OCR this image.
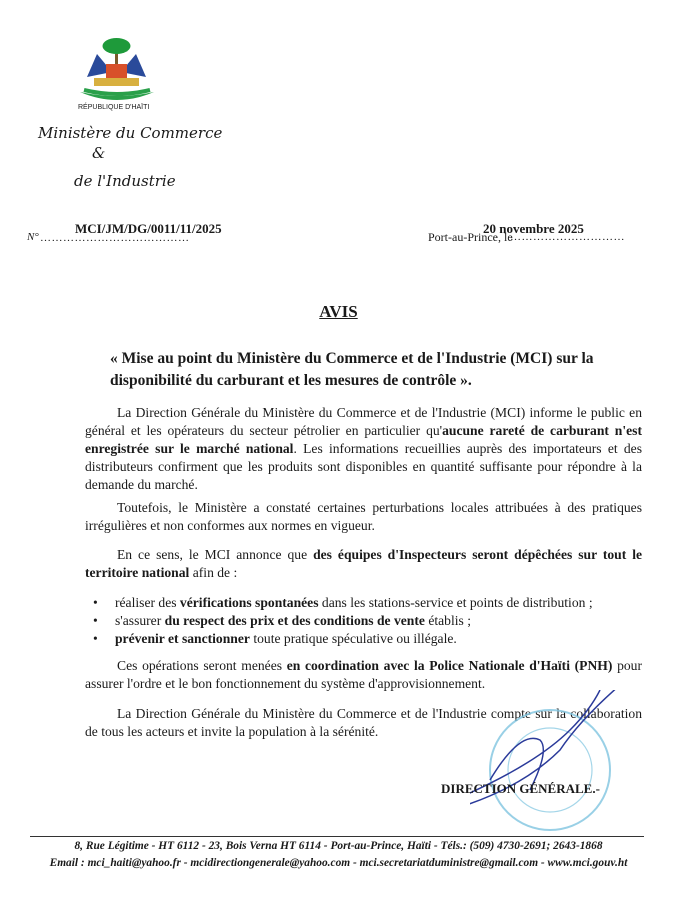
RÉPUBLIQUE D'HAÏTI
Ministère du Commerce
&
de l'Industrie
N° …………………………………
MCI/JM/DG/0011/11/2025
Port-au-Prince, le
…………………………
20 novembre 2025
AVIS
« Mise au point du Ministère du Commerce et de l'Industrie (MCI) sur la disponibilité du carburant et les mesures de contrôle ».
La Direction Générale du Ministère du Commerce et de l'Industrie (MCI) informe le public en général et les opérateurs du secteur pétrolier en particulier qu'aucune rareté de carburant n'est enregistrée sur le marché national. Les informations recueillies auprès des importateurs et des distributeurs confirment que les produits sont disponibles en quantité suffisante pour répondre à la demande du marché.
Toutefois, le Ministère a constaté certaines perturbations locales attribuées à des pratiques irrégulières et non conformes aux normes en vigueur.
En ce sens, le MCI annonce que des équipes d'Inspecteurs seront dépêchées sur tout le territoire national afin de :
• réaliser des vérifications spontanées dans les stations-service et points de distribution ;
• s'assurer du respect des prix et des conditions de vente établis ;
• prévenir et sanctionner toute pratique spéculative ou illégale.
Ces opérations seront menées en coordination avec la Police Nationale d'Haïti (PNH) pour assurer l'ordre et le bon fonctionnement du système d'approvisionnement.
La Direction Générale du Ministère du Commerce et de l'Industrie compte sur la collaboration de tous les acteurs et invite la population à la sérénité.
DIRECTION GÉNÉRALE.-
8, Rue Légitime - HT 6112 - 23, Bois Verna HT 6114 - Port-au-Prince, Haïti - Téls.: (509) 4730-2691; 2643-1868
Email : mci_haiti@yahoo.fr - mcidirectiongenerale@yahoo.com - mci.secretariatduministre@gmail.com - www.mci.gouv.ht
